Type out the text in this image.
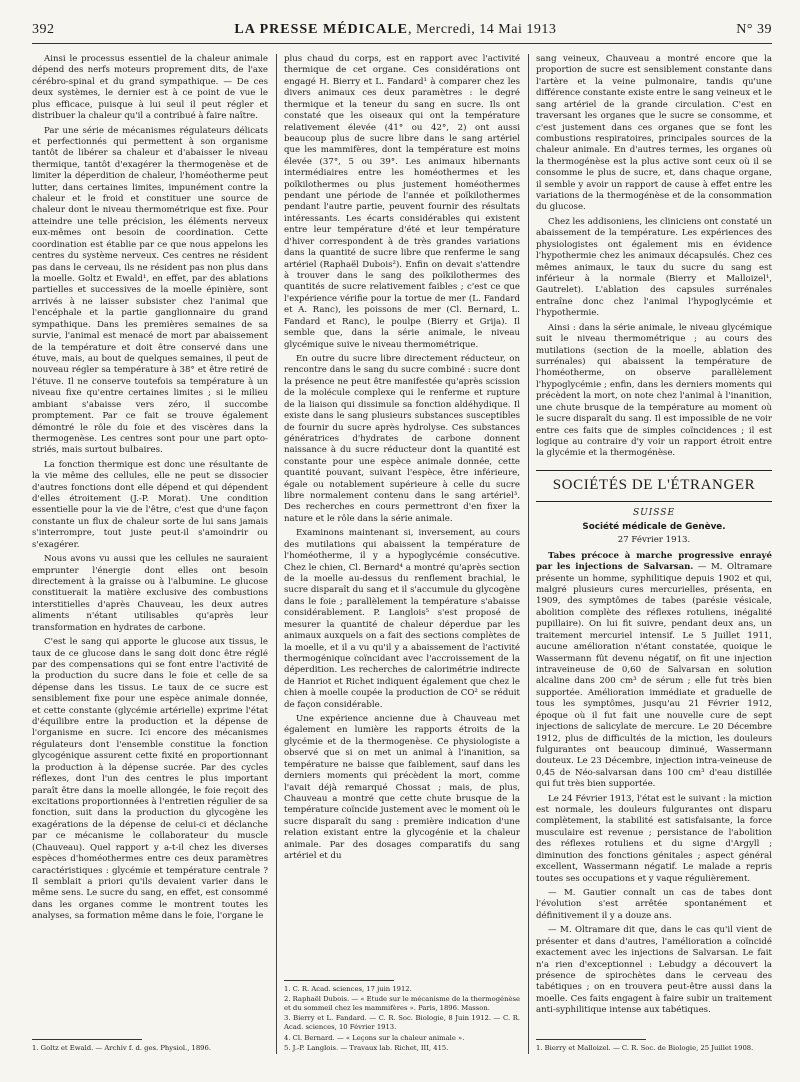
392	LA PRESSE MÉDICALE, Mercredi, 14 Mai 1913	N° 39

Ainsi le processus essentiel de la chaleur animale dépend des nerfs moteurs proprement dits, de l'axe cérébro-spinal et du grand sympathique. — De ces deux systèmes, le dernier est à ce point de vue le plus efficace, puisque à lui seul il peut régler et distribuer la chaleur qu'il a contribué à faire naître.

Par une série de mécanismes régulateurs délicats et perfectionnés qui permettent à son organisme tantôt de libérer sa chaleur et d'abaisser le niveau thermique, tantôt d'exagérer la thermogenèse et de limiter la déperdition de chaleur, l'homéotherme peut lutter, dans certaines limites, impunément contre la chaleur et le froid et constituer une source de chaleur dont le niveau thermométrique est fixe. Pour atteindre une telle précision, les éléments nerveux eux-mêmes ont besoin de coordination. Cette coordination est établie par ce que nous appelons les centres du système nerveux. Ces centres ne résident pas dans le cerveau, ils ne résident pas non plus dans la moelle. Goltz et Ewald¹, en effet, par des ablations partielles et successives de la moelle épinière, sont arrivés à ne laisser subsister chez l'animal que l'encéphale et la partie ganglionnaire du grand sympathique. Dans les premières semaines de sa survie, l'animal est menacé de mort par abaissement de la température et doit être conservé dans une étuve, mais, au bout de quelques semaines, il peut de nouveau régler sa température à 38° et être retiré de l'étuve. Il ne conserve toutefois sa température à un niveau fixe qu'entre certaines limites ; si le milieu ambiant s'abaisse vers zéro, il succombe promptement. Par ce fait se trouve également démontré le rôle du foie et des viscères dans la thermogenèse. Les centres sont pour une part opto-striés, mais surtout bulbaires.

La fonction thermique est donc une résultante de la vie même des cellules, elle ne peut se dissocier d'autres fonctions dont elle dépend et qui dépendent d'elles étroitement (J.-P. Morat). Une condition essentielle pour la vie de l'être, c'est que d'une façon constante un flux de chaleur sorte de lui sans jamais s'interrompre, tout juste peut-il s'amoindrir ou s'exagérer.

Nous avons vu aussi que les cellules ne sauraient emprunter l'énergie dont elles ont besoin directement à la graisse ou à l'albumine. Le glucose constituerait la matière exclusive des combustions interstitielles d'après Chauveau, les deux autres aliments n'étant utilisables qu'après leur transformation en hydrates de carbone.

C'est le sang qui apporte le glucose aux tissus, le taux de ce glucose dans le sang doit donc être réglé par des compensations qui se font entre l'activité de la production du sucre dans le foie et celle de sa dépense dans les tissus. Le taux de ce sucre est sensiblement fixe pour une espèce animale donnée, et cette constante (glycémie artérielle) exprime l'état d'équilibre entre la production et la dépense de l'organisme en sucre. Ici encore des mécanismes régulateurs dont l'ensemble constitue la fonction glycogénique assurent cette fixité en proportionnant la production à la dépense sucrée. Par des cycles réflexes, dont l'un des centres le plus important paraît être dans la moelle allongée, le foie reçoit des excitations proportionnées à l'entretien régulier de sa fonction, suit dans la production du glycogène les exagérations de la dépense de celui-ci et déclanche par ce mécanisme le collaborateur du muscle (Chauveau). Quel rapport y a-t-il chez les diverses espèces d'homéothermes entre ces deux paramètres caractéristiques : glycémie et température centrale ? Il semblait a priori qu'ils devaient varier dans le même sens. Le sucre du sang, en effet, est consommé dans les organes comme le montrent toutes les analyses, sa formation même dans le foie, l'organe le

1. Goltz et Ewald. — Archiv f. d. ges. Physiol., 1896.

plus chaud du corps, est en rapport avec l'activité thermique de cet organe. Ces considérations ont engagé H. Bierry et L. Fandard¹ à comparer chez les divers animaux ces deux paramètres : le degré thermique et la teneur du sang en sucre. Ils ont constaté que les oiseaux qui ont la température relativement élevée (41° ou 42°, 2) ont aussi beaucoup plus de sucre libre dans le sang artériel que les mammifères, dont la température est moins élevée (37°, 5 ou 39°. Les animaux hibernants intermédiaires entre les homéothermes et les poïkilothermes ou plus justement homéothermes pendant une période de l'année et poïkilothermes pendant l'autre partie, peuvent fournir des résultats intéressants. Les écarts considérables qui existent entre leur température d'été et leur température d'hiver correspondent à de très grandes variations dans la quantité de sucre libre que renferme le sang artériel (Raphaël Dubois²). Enfin on devait s'attendre à trouver dans le sang des poïkilothermes des quantités de sucre relativement faibles ; c'est ce que l'expérience vérifie pour la tortue de mer (L. Fandard et A. Ranc), les poissons de mer (Cl. Bernard, L. Fandard et Ranc), le poulpe (Bierry et Grija). Il semble que, dans la série animale, le niveau glycémique suive le niveau thermométrique.

En outre du sucre libre directement réducteur, on rencontre dans le sang du sucre combiné : sucre dont la présence ne peut être manifestée qu'après scission de la molécule complexe qui le renferme et rupture de la liaison qui dissimule sa fonction aldéhydique. Il existe dans le sang plusieurs substances susceptibles de fournir du sucre après hydrolyse. Ces substances génératrices d'hydrates de carbone donnent naissance à du sucre réducteur dont la quantité est constante pour une espèce animale donnée, cette quantité pouvant, suivant l'espèce, être inférieure, égale ou notablement supérieure à celle du sucre libre normalement contenu dans le sang artériel³. Des recherches en cours permettront d'en fixer la nature et le rôle dans la série animale.

Examinons maintenant si, inversement, au cours des mutilations qui abaissent la température de l'homéotherme, il y a hypoglycémie consécutive. Chez le chien, Cl. Bernard⁴ a montré qu'après section de la moelle au-dessus du renflement brachial, le sucre disparaît du sang et il s'accumule du glycogène dans le foie ; parallèlement la température s'abaisse considérablement. P. Langlois⁵ s'est proposé de mesurer la quantité de chaleur déperdue par les animaux auxquels on a fait des sections complètes de la moelle, et il a vu qu'il y a abaissement de l'activité thermogénique coïncidant avec l'accroissement de la déperdition. Les recherches de calorimétrie indirecte de Hanriot et Richet indiquent également que chez le chien à moelle coupée la production de CO² se réduit de façon considérable.

Une expérience ancienne due à Chauveau met également en lumière les rapports étroits de la glycémie et de la thermogenèse. Ce physiologiste a observé que si on met un animal à l'inanition, sa température ne baisse que faiblement, sauf dans les derniers moments qui précèdent la mort, comme l'avait déjà remarqué Chossat ; mais, de plus, Chauveau a montré que cette chute brusque de la température coïncide justement avec le moment où le sucre disparaît du sang : première indication d'une relation existant entre la glycogénie et la chaleur animale. Par des dosages comparatifs du sang artériel et du

1. C. R. Acad. sciences, 17 juin 1912.

2. Raphaël Dubois. — « Etude sur le mécanisme de la thermogénèse et du sommeil chez les mammifères ». Paris, 1896. Masson.

3. Bierry et L. Fandard. — C. R. Soc. Biologie, 8 Juin 1912. — C. R. Acad. sciences, 10 Février 1913.

4. Cl. Bernard. — « Leçons sur la chaleur animale ».

5. J.-P. Langlois. — Travaux lab. Richet, III, 415.

sang veineux, Chauveau a montré encore que la proportion de sucre est sensiblement constante dans l'artère et la veine pulmonaire, tandis qu'une différence constante existe entre le sang veineux et le sang artériel de la grande circulation. C'est en traversant les organes que le sucre se consomme, et c'est justement dans ces organes que se font les combustions respiratoires, principales sources de la chaleur animale. En d'autres termes, les organes où la thermogénèse est la plus active sont ceux où il se consomme le plus de sucre, et, dans chaque organe, il semble y avoir un rapport de cause à effet entre les variations de la thermogénèse et de la consommation du glucose.

Chez les addisoniens, les cliniciens ont constaté un abaissement de la température. Les expériences des physiologistes ont également mis en évidence l'hypothermie chez les animaux décapsulés. Chez ces mêmes animaux, le taux du sucre du sang est inférieur à la normale (Bierry et Malloizel¹, Gautrelet). L'ablation des capsules surrénales entraîne donc chez l'animal l'hypoglycémie et l'hypothermie.

Ainsi : dans la série animale, le niveau glycémique suit le niveau thermométrique ; au cours des mutilations (section de la moelle, ablation des surrénales) qui abaissent la température de l'homéotherme, on observe parallèlement l'hypoglycémie ; enfin, dans les derniers moments qui précèdent la mort, on note chez l'animal à l'inanition, une chute brusque de la température au moment où le sucre disparaît du sang. Il est impossible de ne voir entre ces faits que de simples coïncidences ; il est logique au contraire d'y voir un rapport étroit entre la glycémie et la thermogénèse.

SOCIÉTÉS DE L'ÉTRANGER
SUISSE
Société médicale de Genève.
27 Février 1913.

Tabes précoce à marche progressive enrayé par les injections de Salvarsan. — M. Oltramare présente un homme, syphilitique depuis 1902 et qui, malgré plusieurs cures mercurielles, présenta, en 1909, des symptômes de tabes (parésie vésicale, abolition complète des réflexes rotuliens, inégalité pupillaire). On lui fit suivre, pendant deux ans, un traitement mercuriel intensif. Le 5 Juillet 1911, aucune amélioration n'étant constatée, quoique le Wassermann fût devenu négatif, on fit une injection intraveineuse de 0,60 de Salvarsan en solution alcaline dans 200 cm³ de sérum ; elle fut très bien supportée. Amélioration immédiate et graduelle de tous les symptômes, jusqu'au 21 Février 1912, époque où il fut fait une nouvelle cure de sept injections de salicylate de mercure. Le 20 Décembre 1912, plus de difficultés de la miction, les douleurs fulgurantes ont beaucoup diminué, Wassermann douteux. Le 23 Décembre, injection intra-veineuse de 0,45 de Néo-salvarsan dans 100 cm³ d'eau distillée qui fut très bien supportée.

Le 24 Février 1913, l'état est le suivant : la miction est normale, les douleurs fulgurantes ont disparu complètement, la stabilité est satisfaisante, la force musculaire est revenue ; persistance de l'abolition des réflexes rotuliens et du signe d'Argyll ; diminution des fonctions génitales ; aspect général excellent, Wassermann négatif. Le malade a repris toutes ses occupations et y vaque régulièrement.

— M. Gautier connaît un cas de tabes dont l'évolution s'est arrêtée spontanément et définitivement il y a douze ans.

— M. Oltramare dit que, dans le cas qu'il vient de présenter et dans d'autres, l'amélioration a coïncidé exactement avec les injections de Salvarsan. Le fait n'a rien d'exceptionnel : Lebudgy a découvert la présence de spirochètes dans le cerveau des tabétiques ; on en trouvera peut-être aussi dans la moelle. Ces faits engagent à faire subir un traitement anti-syphilitique intense aux tabétiques.

1. Bierry et Malloizel. — C. R. Soc. de Biologie, 25 Juillet 1908.
